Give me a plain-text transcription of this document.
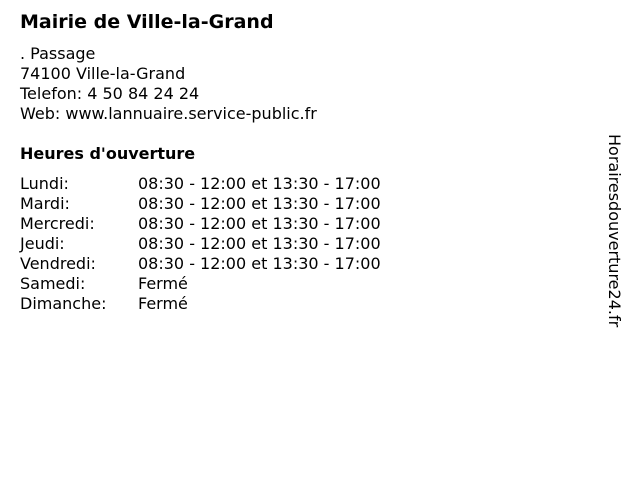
Mairie de Ville-la-Grand
. Passage
74100 Ville-la-Grand
Telefon: 4 50 84 24 24
Web: www.lannuaire.service-public.fr
Heures d'ouverture
Lundi:	08:30 - 12:00 et 13:30 - 17:00
Mardi:	08:30 - 12:00 et 13:30 - 17:00
Mercredi:	08:30 - 12:00 et 13:30 - 17:00
Jeudi:	08:30 - 12:00 et 13:30 - 17:00
Vendredi:	08:30 - 12:00 et 13:30 - 17:00
Samedi:	Fermé
Dimanche: Fermé	Horairesdouverture24.fr
